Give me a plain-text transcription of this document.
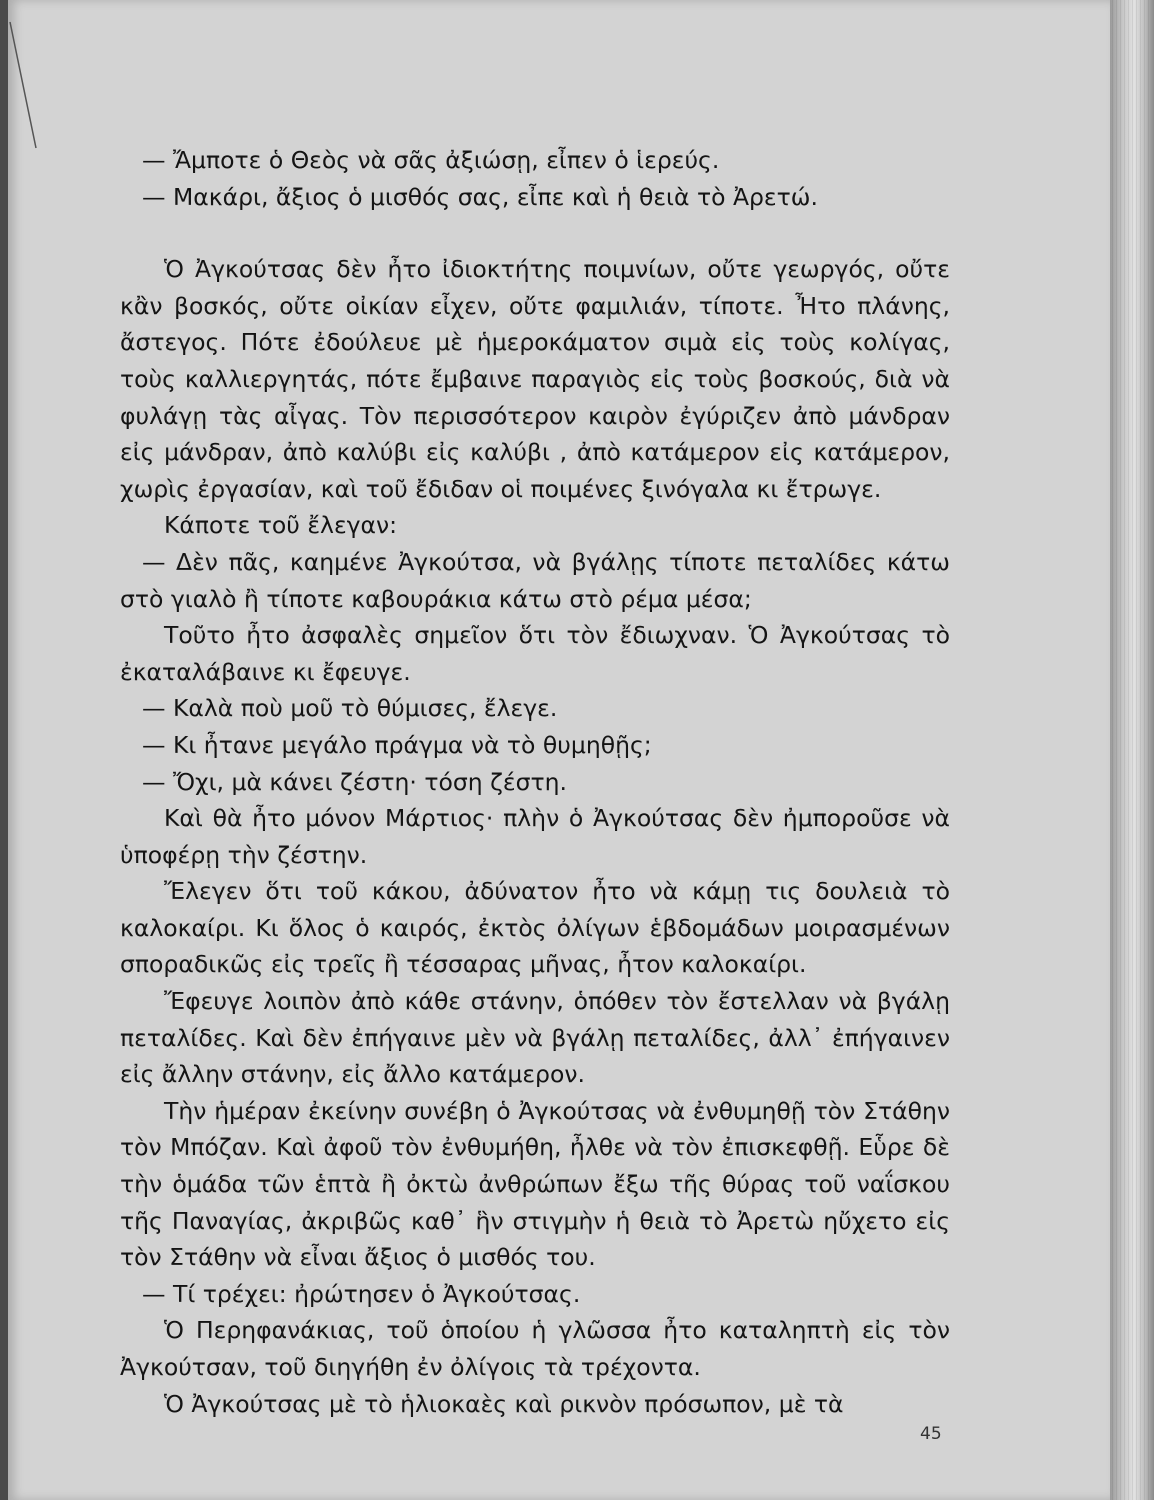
— Ἄμποτε ὁ Θεὸς νὰ σᾶς ἀξιώσῃ, εἶπεν ὁ ἱερεύς.

— Μακάρι, ἄξιος ὁ μισθός σας, εἶπε καὶ ἡ θειὰ τὸ Ἀρετώ.

Ὁ Ἀγκούτσας δὲν ἦτο ἰδιοκτήτης ποιμνίων, οὔτε γεωργός, οὔτε κἂν βοσκός, οὔτε οἰκίαν εἶχεν, οὔτε φαμιλιάν, τίποτε. Ἦτο πλάνης, ἄστεγος. Πότε ἐδούλευε μὲ ἡμεροκάματον σιμὰ εἰς τοὺς κολίγας, τοὺς καλλιεργητάς, πότε ἔμβαινε παραγιὸς εἰς τοὺς βοσκούς, διὰ νὰ φυλάγῃ τὰς αἶγας. Τὸν περισσότερον καιρὸν ἐγύριζεν ἀπὸ μάνδραν εἰς μάνδραν, ἀπὸ καλύβι εἰς καλύβι , ἀπὸ κατάμερον εἰς κατάμερον, χωρὶς ἐργασίαν, καὶ τοῦ ἔδιδαν οἱ ποιμένες ξινόγαλα κι ἔτρωγε.

Κάποτε τοῦ ἔλεγαν:

— Δὲν πᾶς, καημένε Ἀγκούτσα, νὰ βγάλῃς τίποτε πεταλίδες κάτω στὸ γιαλὸ ἢ τίποτε καβουράκια κάτω στὸ ρέμα μέσα;

Τοῦτο ἦτο ἀσφαλὲς σημεῖον ὅτι τὸν ἔδιωχναν. Ὁ Ἀγκούτσας τὸ ἐκαταλάβαινε κι ἔφευγε.

— Καλὰ ποὺ μοῦ τὸ θύμισες, ἔλεγε.

— Κι ἦτανε μεγάλο πράγμα νὰ τὸ θυμηθῇς;

— Ὄχι, μὰ κάνει ζέστη· τόση ζέστη.

Καὶ θὰ ἦτο μόνον Μάρτιος· πλὴν ὁ Ἀγκούτσας δὲν ἠμποροῦσε νὰ ὑποφέρῃ τὴν ζέστην.

Ἔλεγεν ὅτι τοῦ κάκου, ἀδύνατον ἦτο νὰ κάμῃ τις δουλειὰ τὸ καλοκαίρι. Κι ὅλος ὁ καιρός, ἐκτὸς ὀλίγων ἑβδομάδων μοιρασμένων σποραδικῶς εἰς τρεῖς ἢ τέσσαρας μῆνας, ἦτον καλοκαίρι.

Ἔφευγε λοιπὸν ἀπὸ κάθε στάνην, ὁπόθεν τὸν ἔστελλαν νὰ βγάλῃ πεταλίδες. Καὶ δὲν ἐπήγαινε μὲν νὰ βγάλῃ πεταλίδες, ἀλλ᾽ ἐπήγαινεν εἰς ἄλλην στάνην, εἰς ἄλλο κατάμερον.

Τὴν ἡμέραν ἐκείνην συνέβη ὁ Ἀγκούτσας νὰ ἐνθυμηθῇ τὸν Στάθην τὸν Μπόζαν. Καὶ ἀφοῦ τὸν ἐνθυμήθη, ἦλθε νὰ τὸν ἐπισκεφθῇ. Εὗρε δὲ τὴν ὁμάδα τῶν ἑπτὰ ἢ ὀκτὼ ἀνθρώπων ἔξω τῆς θύρας τοῦ ναΐσκου τῆς Παναγίας, ἀκριβῶς καθ᾽ ἣν στιγμὴν ἡ θειὰ τὸ Ἀρετὼ ηὔχετο εἰς τὸν Στάθην νὰ εἶναι ἄξιος ὁ μισθός του.

— Τί τρέχει: ἠρώτησεν ὁ Ἀγκούτσας.

Ὁ Περηφανάκιας, τοῦ ὁποίου ἡ γλῶσσα ἦτο καταληπτὴ εἰς τὸν Ἀγκούτσαν, τοῦ διηγήθη ἐν ὀλίγοις τὰ τρέχοντα.

Ὁ Ἀγκούτσας μὲ τὸ ἡλιοκαὲς καὶ ρικνὸν πρόσωπον, μὲ τὰ

45
